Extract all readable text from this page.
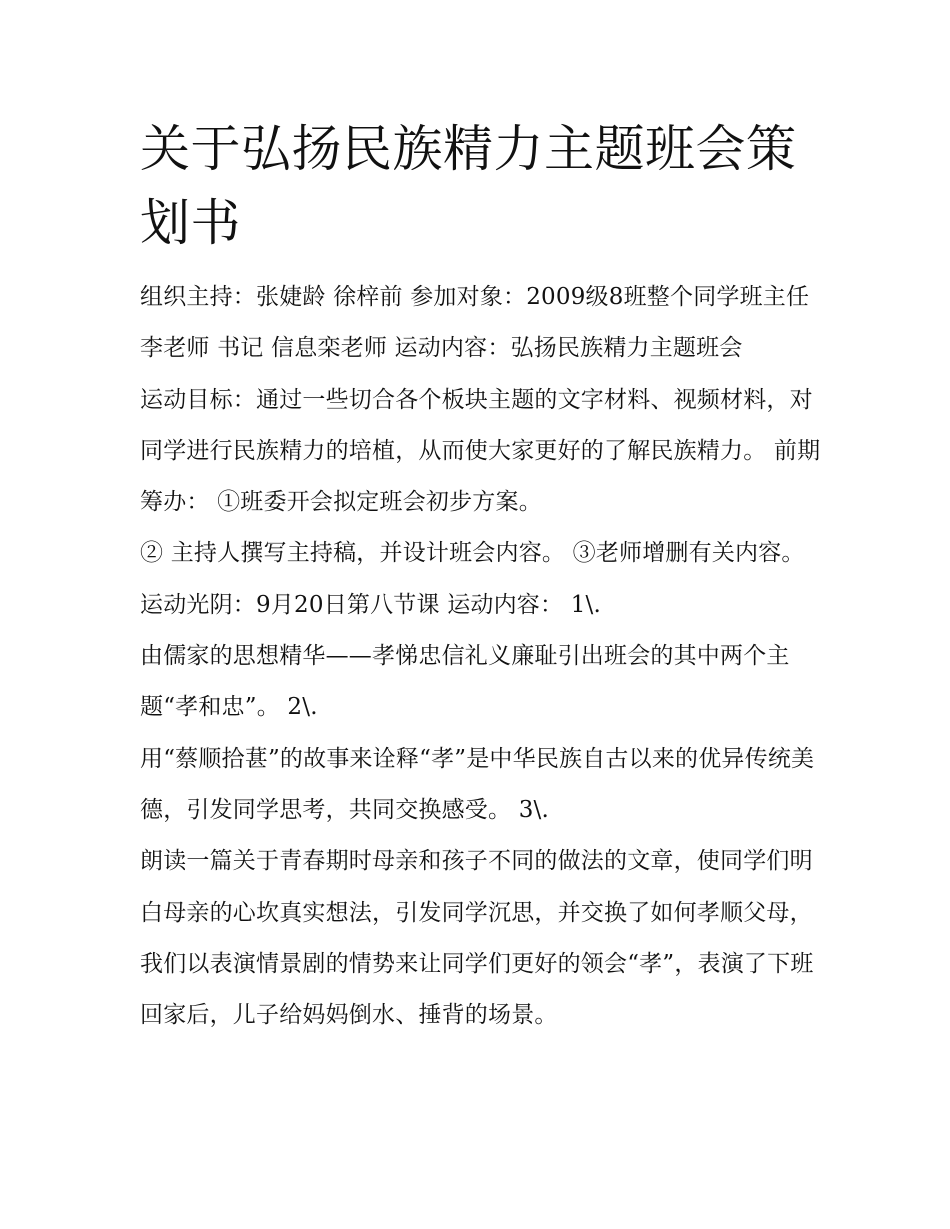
关于弘扬民族精力主题班会策划书

组织主持：张婕龄 徐梓前 参加对象：2009级8班整个同学班主任李老师 书记 信息栾老师 运动内容：弘扬民族精力主题班会

运动目标：通过一些切合各个板块主题的文字材料、视频材料，对同学进行民族精力的培植，从而使大家更好的了解民族精力。 前期筹办： ①班委开会拟定班会初步方案。

② 主持人撰写主持稿，并设计班会内容。 ③老师增删有关内容。 运动光阴：9月20日第八节课 运动内容： 1\.

由儒家的思想精华——孝悌忠信礼义廉耻引出班会的其中两个主题“孝和忠”。 2\.

用“蔡顺拾葚”的故事来诠释“孝”是中华民族自古以来的优异传统美德，引发同学思考，共同交换感受。 3\.

朗读一篇关于青春期时母亲和孩子不同的做法的文章，使同学们明白母亲的心坎真实想法，引发同学沉思，并交换了如何孝顺父母，我们以表演情景剧的情势来让同学们更好的领会“孝”，表演了下班回家后，儿子给妈妈倒水、捶背的场景。
